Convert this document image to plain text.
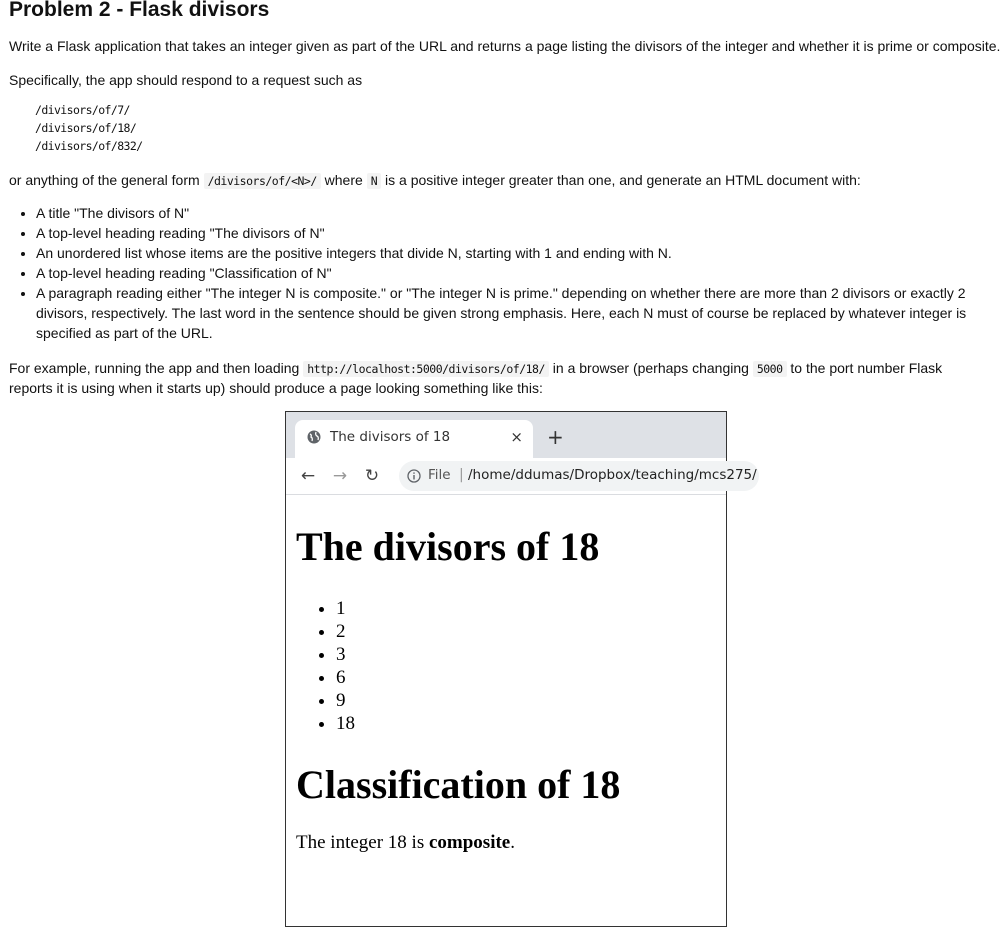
Problem 2 - Flask divisors
Write a Flask application that takes an integer given as part of the URL and returns a page listing the divisors of the integer and whether it is prime or composite.
Specifically, the app should respond to a request such as
/divisors/of/7/
/divisors/of/18/
/divisors/of/832/
or anything of the general form /divisors/of/<N>/ where N is a positive integer greater than one, and generate an HTML document with:
• A title "The divisors of N"
• A top-level heading reading "The divisors of N"
• An unordered list whose items are the positive integers that divide N, starting with 1 and ending with N.
• A top-level heading reading "Classification of N"
• A paragraph reading either "The integer N is composite." or "The integer N is prime." depending on whether there are more than 2 divisors or exactly 2 divisors, respectively. The last word in the sentence should be given strong emphasis. Here, each N must of course be replaced by whatever integer is specified as part of the URL.
For example, running the app and then loading http://localhost:5000/divisors/of/18/ in a browser (perhaps changing 5000 to the port number Flask
reports it is using when it starts up) should produce a page looking something like this:
The divisors of 18	× +
← → ↻	File | /home/ddumas/Dropbox/teaching/mcs275/
The divisors of 18
• 1
• 2
• 3
• 6
• 9
• 18
Classification of 18

The integer 18 is composite.
